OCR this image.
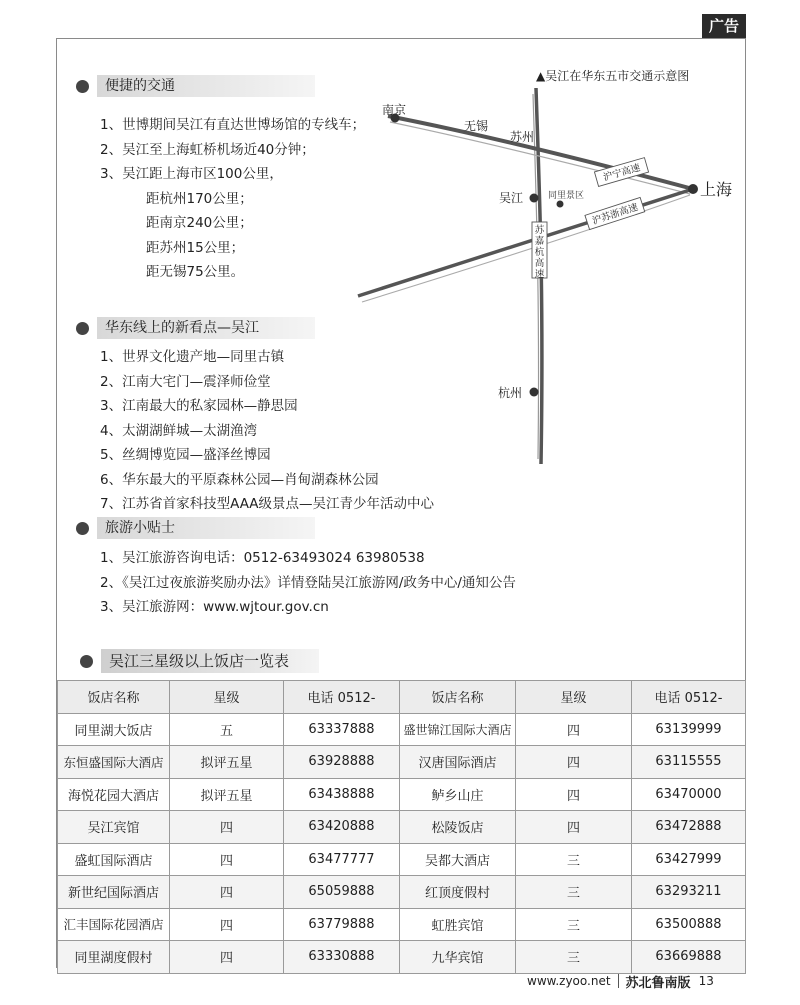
广告
便捷的交通
1、世博期间吴江有直达世博场馆的专线车；
2、吴江至上海虹桥机场近40分钟；
3、吴江距上海市区100公里，
距杭州170公里；
距南京240公里；
距苏州15公里；
距无锡75公里。
华东线上的新看点—吴江
1、世界文化遗产地—同里古镇
2、江南大宅门—震泽师俭堂
3、江南最大的私家园林—静思园
4、太湖湖鲜城—太湖渔湾
5、丝绸博览园—盛泽丝博园
6、华东最大的平原森林公园—肖甸湖森林公园
7、江苏省首家科技型AAA级景点—吴江青少年活动中心
旅游小贴士
1、吴江旅游咨询电话：0512-63493024 63980538
2、《吴江过夜旅游奖励办法》详情登陆吴江旅游网/政务中心/通知公告
3、吴江旅游网：www.wjtour.gov.cn
▲吴江在华东五市交通示意图
南京
无锡
苏州
吴江	同里景区	上海
杭州
沪宁高速
沪苏浙高速
苏
嘉
杭
高
速
吴江三星级以上饭店一览表
饭店名称	星级	电话 0512-	饭店名称	星级	电话 0512-
同里湖大饭店	五	63337888	盛世锦江国际大酒店	四	63139999
东恒盛国际大酒店	拟评五星	63928888	汉唐国际酒店	四	63115555
海悦花园大酒店	拟评五星	63438888	鲈乡山庄	四	63470000
吴江宾馆	四	63420888	松陵饭店	四	63472888
盛虹国际酒店	四	63477777	吴都大酒店	三	63427999
新世纪国际酒店	四	65059888	红顶度假村	三	63293211
汇丰国际花园酒店	四	63779888	虹胜宾馆	三	63500888
同里湖度假村	四	63330888	九华宾馆	三	63669888
www.zyoo.net 苏北鲁南版 13
